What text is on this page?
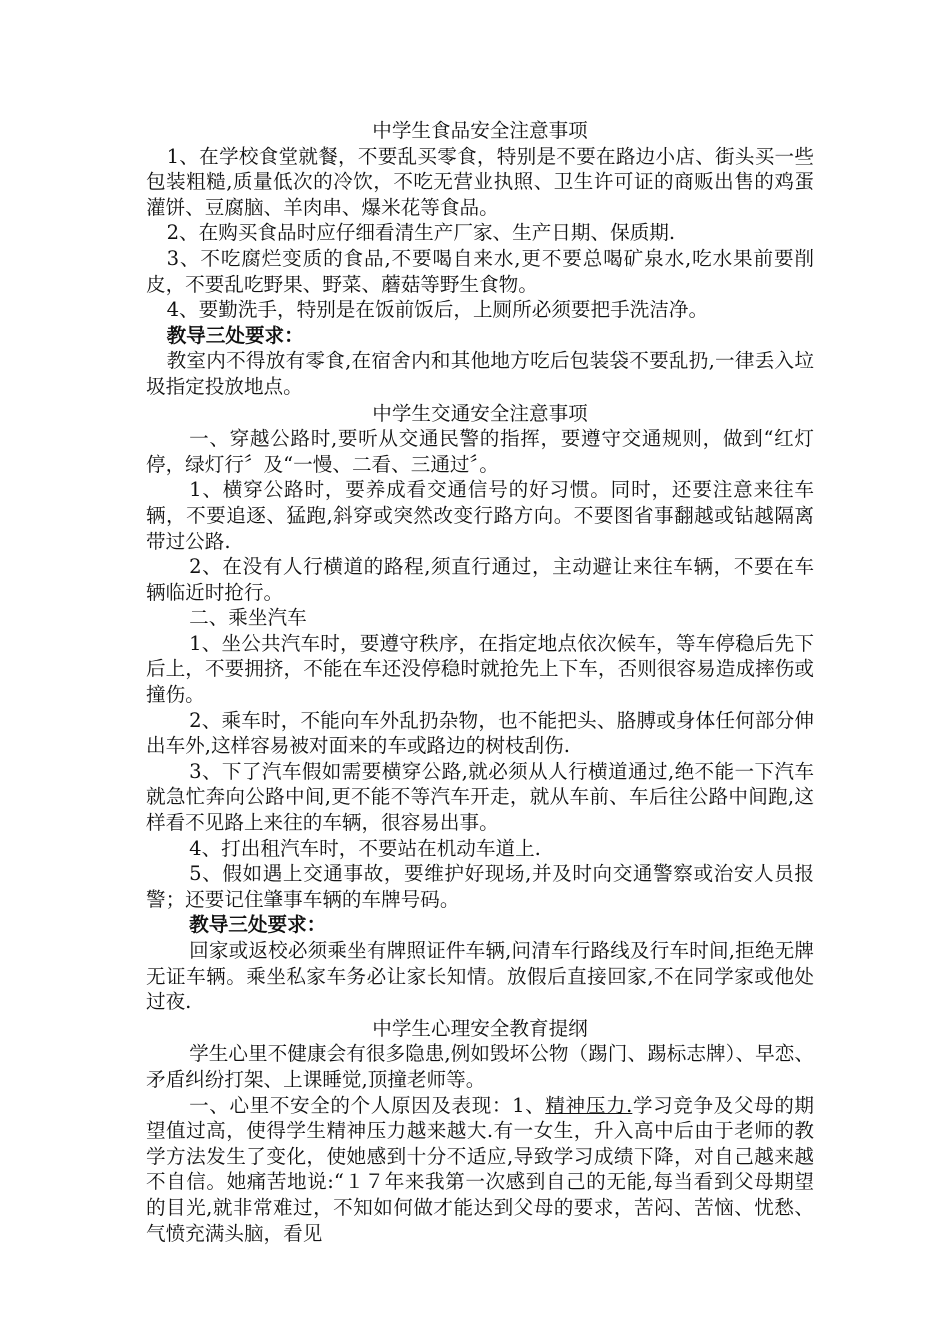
中学生食品安全注意事项

1、在学校食堂就餐，不要乱买零食，特别是不要在路边小店、街头买一些包装粗糙,质量低次的冷饮，不吃无营业执照、卫生许可证的商贩出售的鸡蛋灌饼、豆腐脑、羊肉串、爆米花等食品。

2、在购买食品时应仔细看清生产厂家、生产日期、保质期.

3、不吃腐烂变质的食品,不要喝自来水,更不要总喝矿泉水,吃水果前要削皮，不要乱吃野果、野菜、蘑菇等野生食物。

4、要勤洗手，特别是在饭前饭后，上厕所必须要把手洗洁净。

教导三处要求：

教室内不得放有零食,在宿舍内和其他地方吃后包装袋不要乱扔,一律丢入垃圾指定投放地点。

中学生交通安全注意事项

一、穿越公路时,要听从交通民警的指挥，要遵守交通规则，做到“红灯停，绿灯行〞及“一慢、二看、三通过〞。

1、横穿公路时，要养成看交通信号的好习惯。同时，还要注意来往车辆，不要追逐、猛跑,斜穿或突然改变行路方向。不要图省事翻越或钻越隔离带过公路.

2、在没有人行横道的路程,须直行通过，主动避让来往车辆，不要在车辆临近时抢行。

二、乘坐汽车

1、坐公共汽车时，要遵守秩序，在指定地点依次候车，等车停稳后先下后上，不要拥挤，不能在车还没停稳时就抢先上下车，否则很容易造成摔伤或撞伤。

2、乘车时，不能向车外乱扔杂物，也不能把头、胳膊或身体任何部分伸出车外,这样容易被对面来的车或路边的树枝刮伤.

3、下了汽车假如需要横穿公路,就必须从人行横道通过,绝不能一下汽车就急忙奔向公路中间,更不能不等汽车开走，就从车前、车后往公路中间跑,这样看不见路上来往的车辆，很容易出事。

4、打出租汽车时，不要站在机动车道上.

5、假如遇上交通事故，要维护好现场,并及时向交通警察或治安人员报警；还要记住肇事车辆的车牌号码。

教导三处要求：

回家或返校必须乘坐有牌照证件车辆,问清车行路线及行车时间,拒绝无牌无证车辆。乘坐私家车务必让家长知情。放假后直接回家,不在同学家或他处过夜.

中学生心理安全教育提纲

学生心里不健康会有很多隐患,例如毁坏公物（踢门、踢标志牌）、早恋、矛盾纠纷打架、上课睡觉,顶撞老师等。

一、心里不安全的个人原因及表现：1、精神压力.学习竞争及父母的期望值过高，使得学生精神压力越来越大.有一女生，升入高中后由于老师的教学方法发生了变化，使她感到十分不适应,导致学习成绩下降，对自己越来越不自信。她痛苦地说:“１７年来我第一次感到自己的无能,每当看到父母期望的目光,就非常难过，不知如何做才能达到父母的要求，苦闷、苦恼、忧愁、气愤充满头脑，看见
